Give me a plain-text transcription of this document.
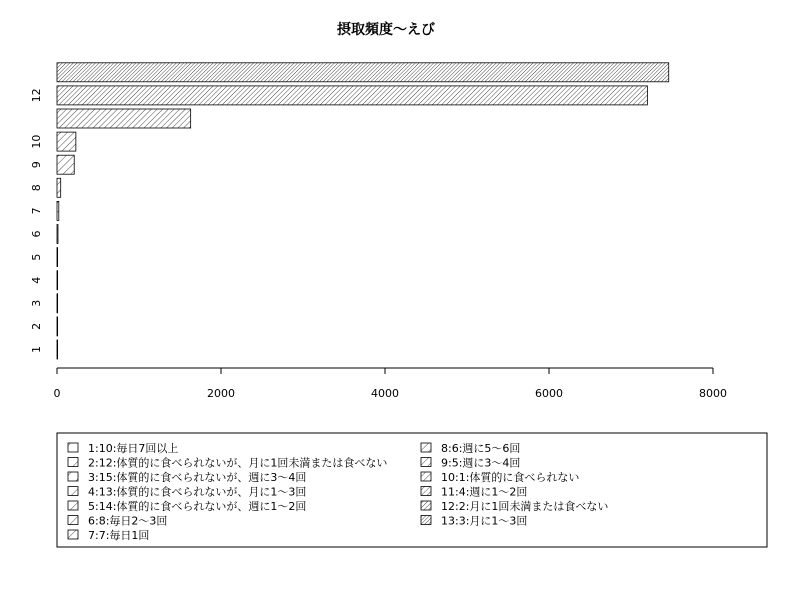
摂取頻度〜えび
0	2000	4000	6000	8000
1
2
3
4
5
6
7
8
9
10
12
1:10:毎日7回以上
2:12:体質的に食べられないが、月に1回未満または食べない
3:15:体質的に食べられないが、週に3〜4回
4:13:体質的に食べられないが、月に1〜3回
5:14:体質的に食べられないが、週に1〜2回
6:8:毎日2〜3回
7:7:毎日1回
8:6:週に5〜6回
9:5:週に3〜4回
10:1:体質的に食べられない
11:4:週に1〜2回
12:2:月に1回未満または食べない
13:3:月に1〜3回
